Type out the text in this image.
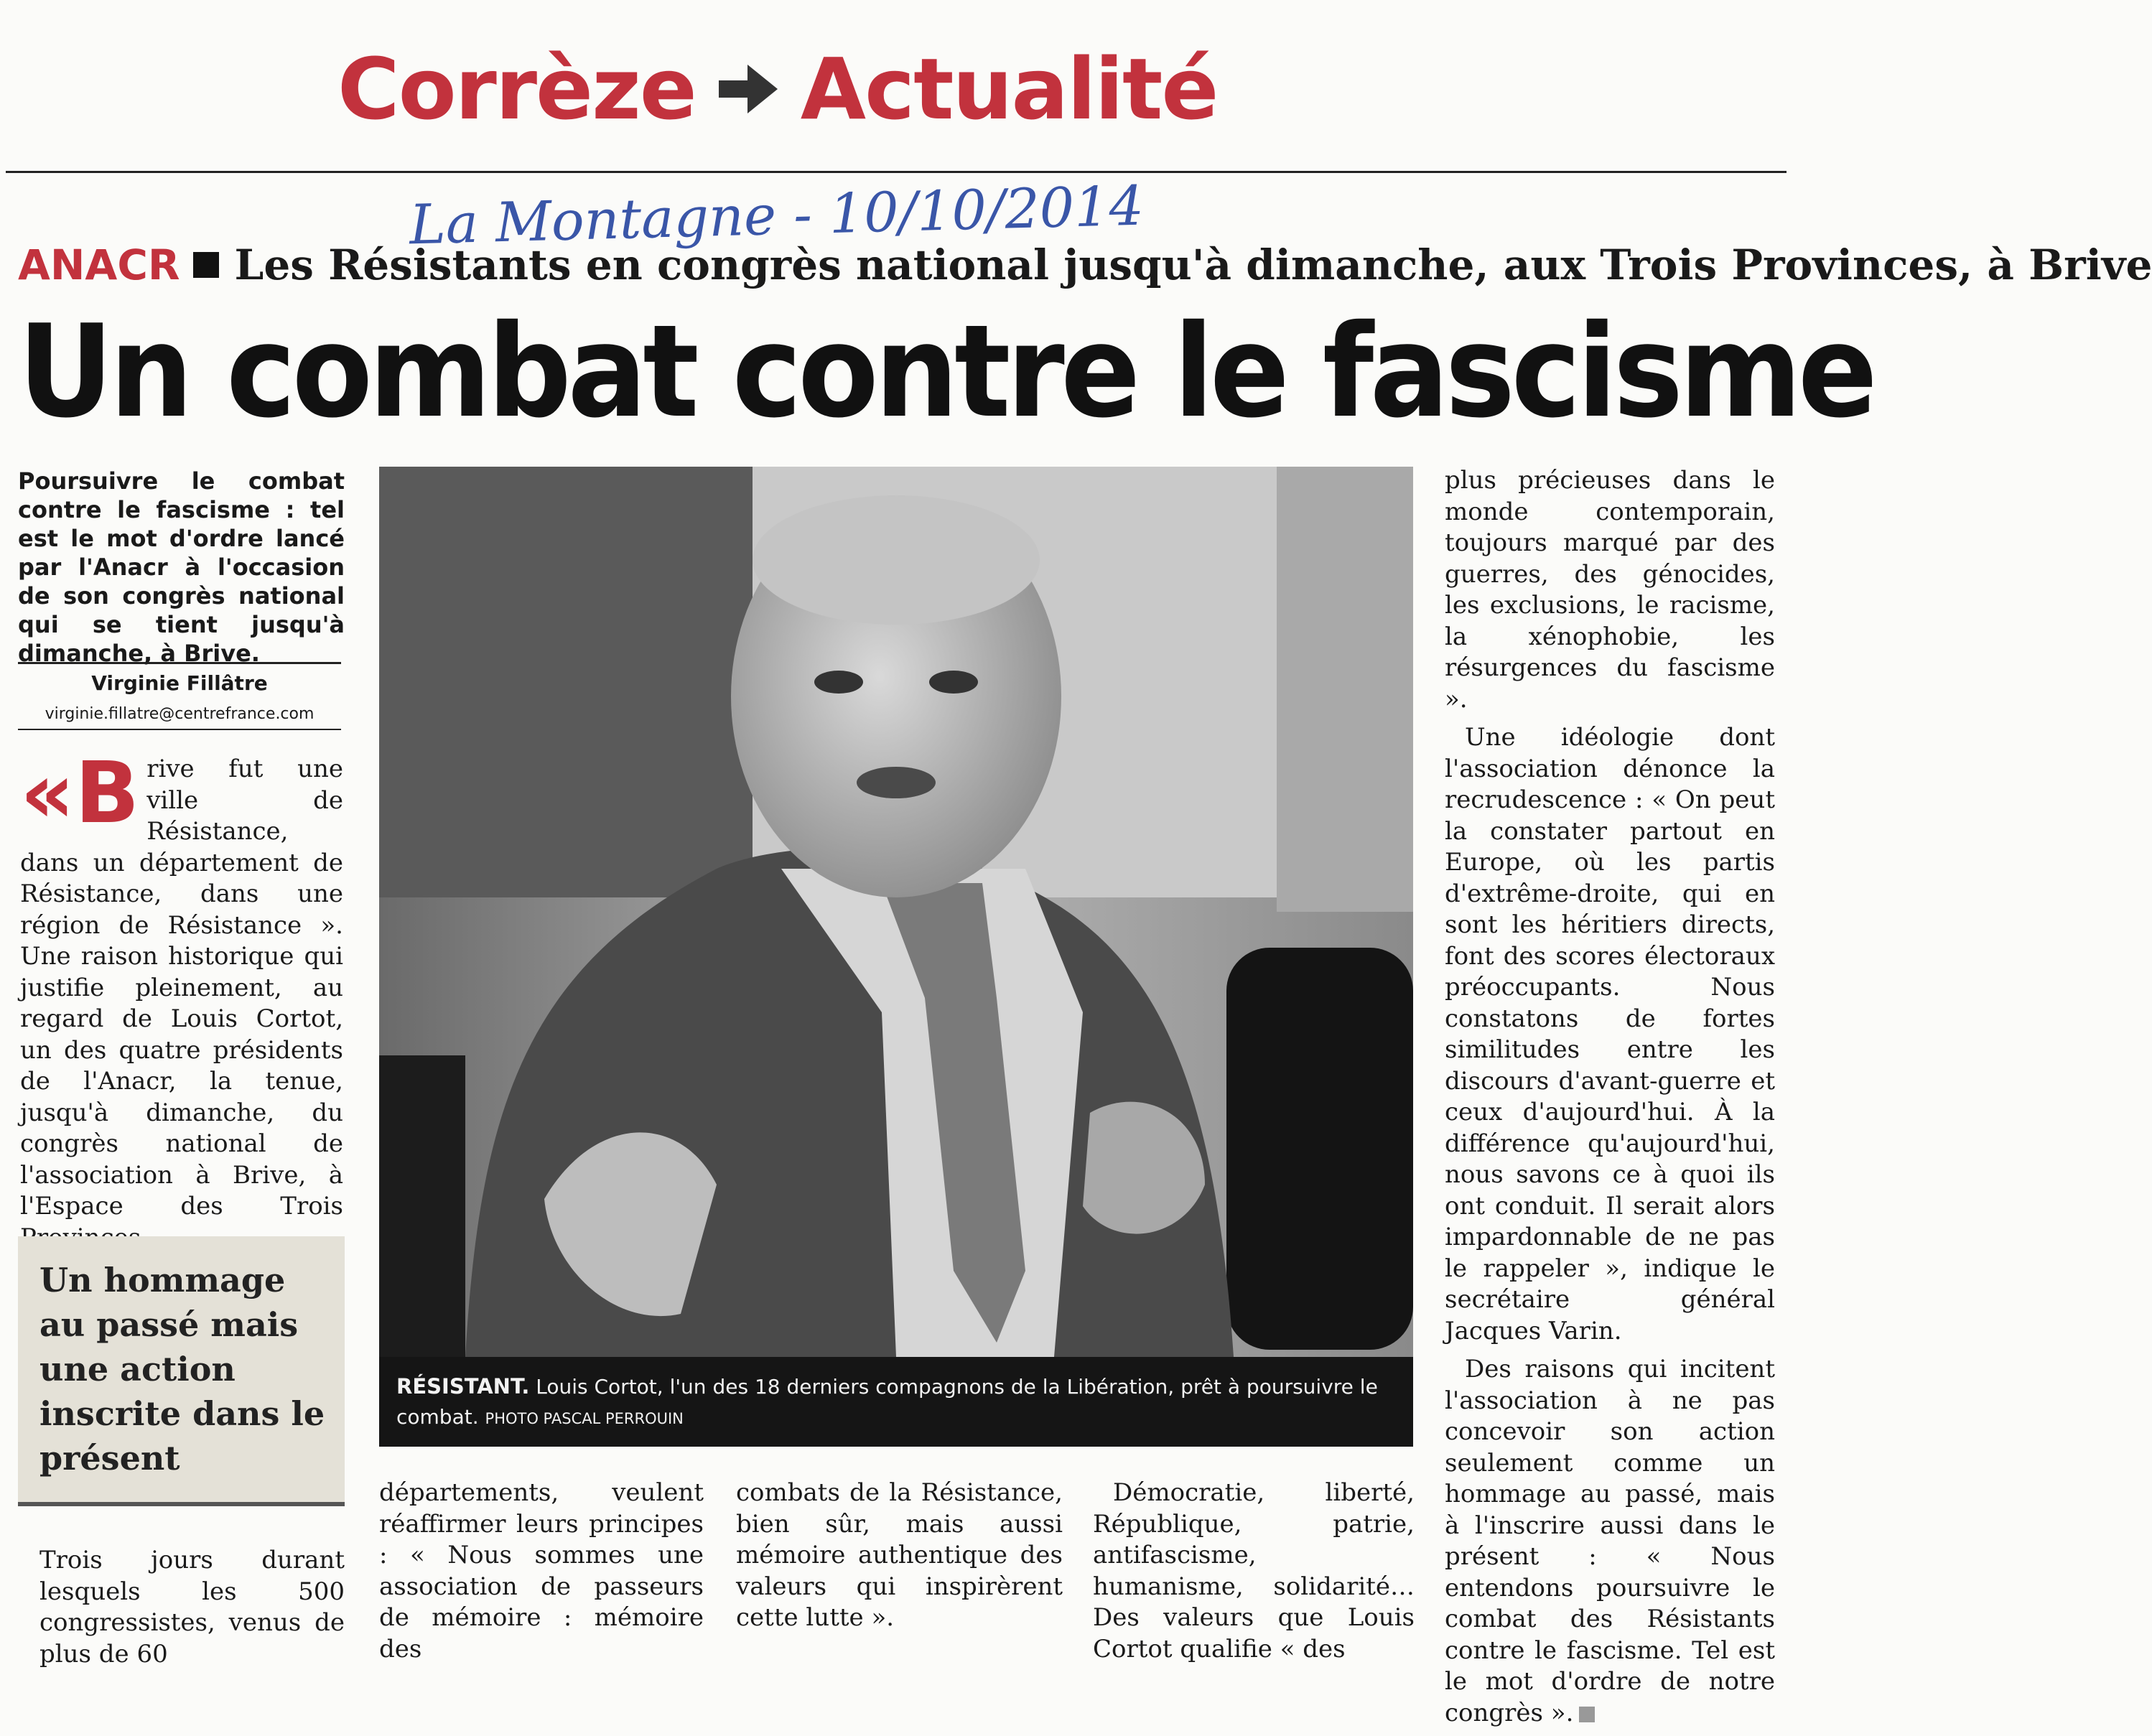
Corrèze Actualité
La Montagne - 10/10/2014
ANACR Les Résistants en congrès national jusqu'à dimanche, aux Trois Provinces, à Brive
Un combat contre le fascisme
Poursuivre le combat contre le fascisme : tel est le mot d'ordre lancé par l'Anacr à l'occasion de son congrès national qui se tient jusqu'à dimanche, à Brive.
Virginie Fillâtre
virginie.fillatre@centrefrance.com
«B rive fut une ville de Résistance, dans un département de Résistance, dans une région de Résistance ». Une raison historique qui justifie pleinement, au regard de Louis Cortot, un des quatre présidents de l'Anacr, la tenue, jusqu'à dimanche, du congrès national de l'association à Brive, à l'Espace des Trois
Un hommage au passé mais une action inscrite dans le présent
Trois jours durant lesquels les 500 congressistes, venus de plus de 60
RÉSISTANT. Louis Cortot, l'un des 18 derniers compagnons de la Libération, prêt à poursuivre le combat. PHOTO PASCAL PERROUIN
départements, veulent réaffirmer leurs principes : « Nous sommes une association de passeurs de mémoire : mémoire des
combats de la Résistance, bien sûr, mais aussi mémoire authentique des valeurs qui inspirèrent cette lutte ».
Démocratie, liberté, République, patrie, antifascisme, humanisme, solidarité… Des valeurs que Louis Cortot qualifie « des

plus précieuses dans le monde contemporain, toujours marqué par des guerres, des génocides, les exclusions, le racisme, la xénophobie, les résurgences du fascisme ».

Une idéologie dont l'association dénonce la recrudescence : « On peut la constater partout en Europe, où les partis d'extrême-droite, qui en sont les héritiers directs, font des scores électoraux préoccupants. Nous constatons de fortes similitudes entre les discours d'avant-guerre et ceux d'aujourd'hui. À la différence qu'aujourd'hui, nous savons ce à quoi ils ont conduit. Il serait alors impardonnable de ne pas le rappeler », indique le secrétaire général Jacques Varin.

Des raisons qui incitent l'association à ne pas concevoir son action seulement comme un hommage au passé, mais à l'inscrire aussi dans le présent : « Nous entendons poursuivre le combat des Résistants contre le fascisme. Tel est le mot d'ordre de notre congrès ».
